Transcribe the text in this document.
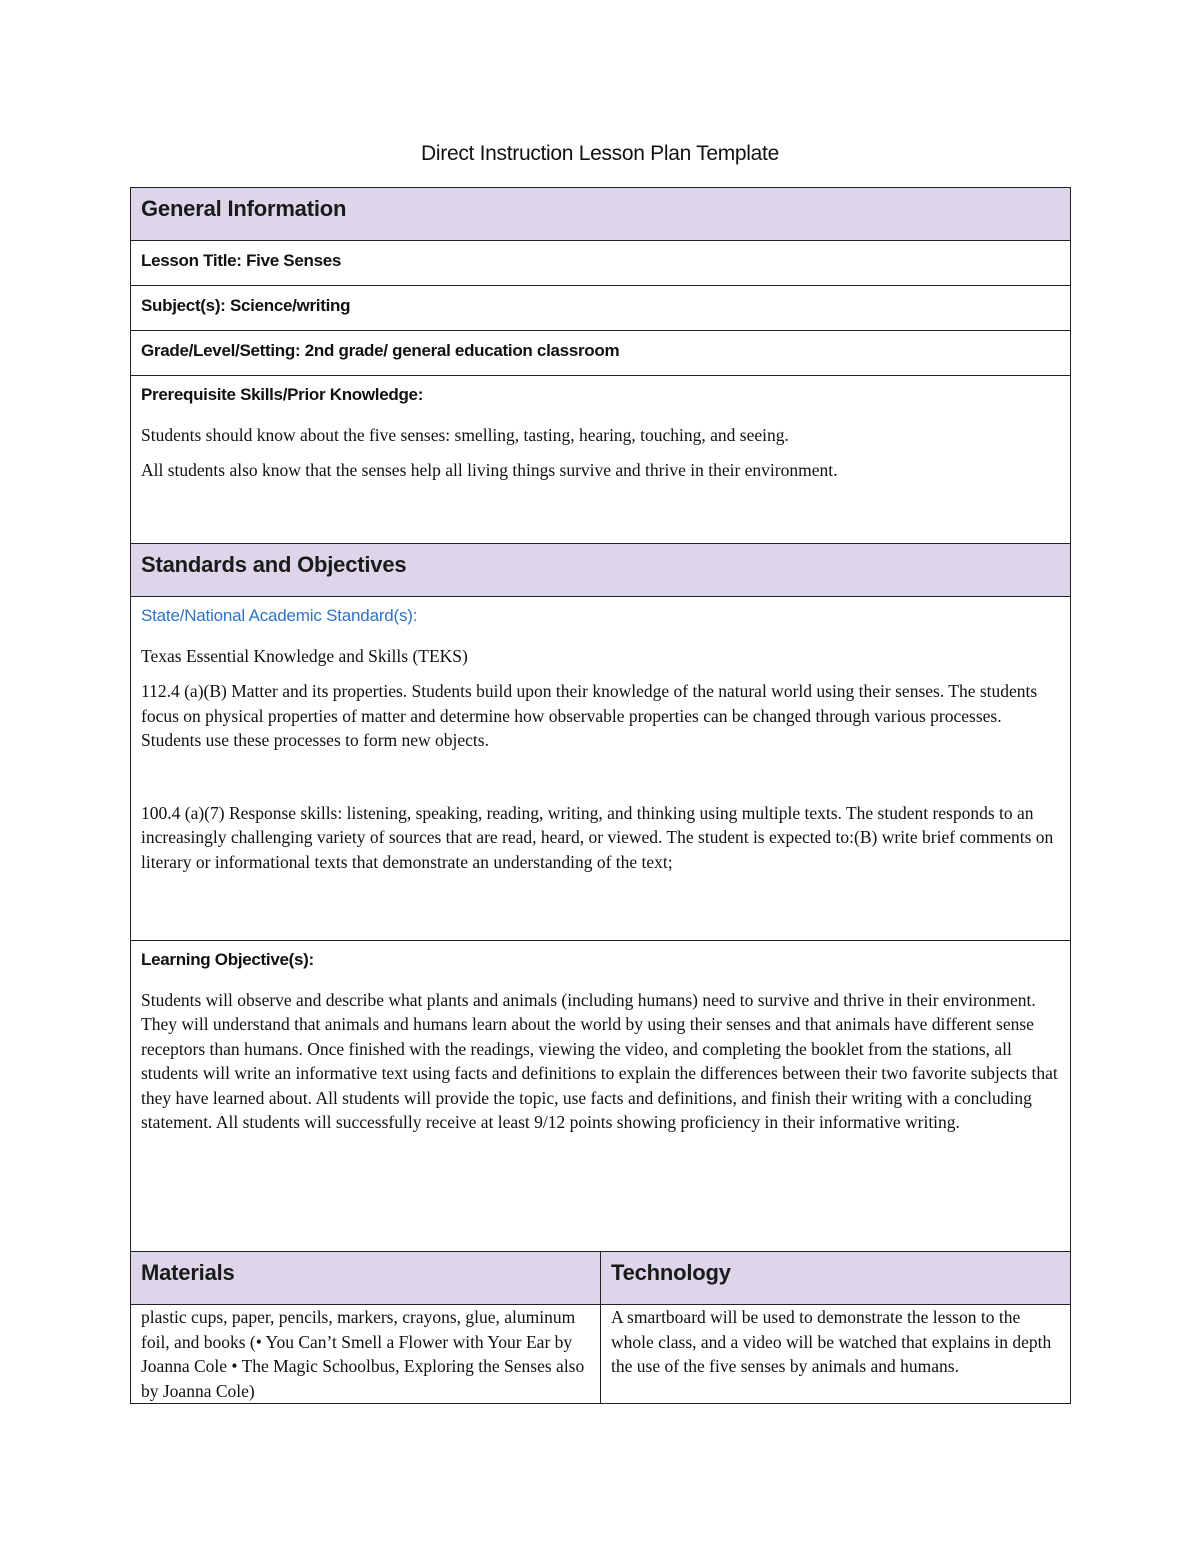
Direct Instruction Lesson Plan Template
General Information	
Lesson Title: Five Senses	
Subject(s): Science/writing	
Grade/Level/Setting: 2nd grade/ general education classroom	

Prerequisite Skills/Prior Knowledge:

Students should know about the five senses: smelling, tasting, hearing, touching, and seeing.

All students also know that the senses help all living things survive and thrive in their environment.	

Standards and Objectives	

State/National Academic Standard(s):

Texas Essential Knowledge and Skills (TEKS)

112.4 (a)(B) Matter and its properties. Students build upon their knowledge of the natural world using their senses. The students focus on physical properties of matter and determine how observable properties can be changed through various processes. Students use these processes to form new objects.

100.4 (a)(7) Response skills: listening, speaking, reading, writing, and thinking using multiple texts. The student responds to an increasingly challenging variety of sources that are read, heard, or viewed. The student is expected to:(B) write brief comments on literary or informational texts that demonstrate an understanding of the text;	

Learning Objective(s):

Students will observe and describe what plants and animals (including humans) need to survive and thrive in their environment. They will understand that animals and humans learn about the world by using their senses and that animals have different sense receptors than humans. Once finished with the readings, viewing the video, and completing the booklet from the stations, all students will write an informative text using facts and definitions to explain the differences between their two favorite subjects that they have learned about. All students will provide the topic, use facts and definitions, and finish their writing with a concluding statement. All students will successfully receive at least 9/12 points showing proficiency in their informative writing.	

Materials	Technology
plastic cups, paper, pencils, markers, crayons, glue, aluminum foil, and books (• You Can’t Smell a Flower with Your Ear by Joanna Cole • The Magic Schoolbus, Exploring the Senses also by Joanna Cole)	A smartboard will be used to demonstrate the lesson to the whole class, and a video will be watched that explains in depth the use of the five senses by animals and humans.
